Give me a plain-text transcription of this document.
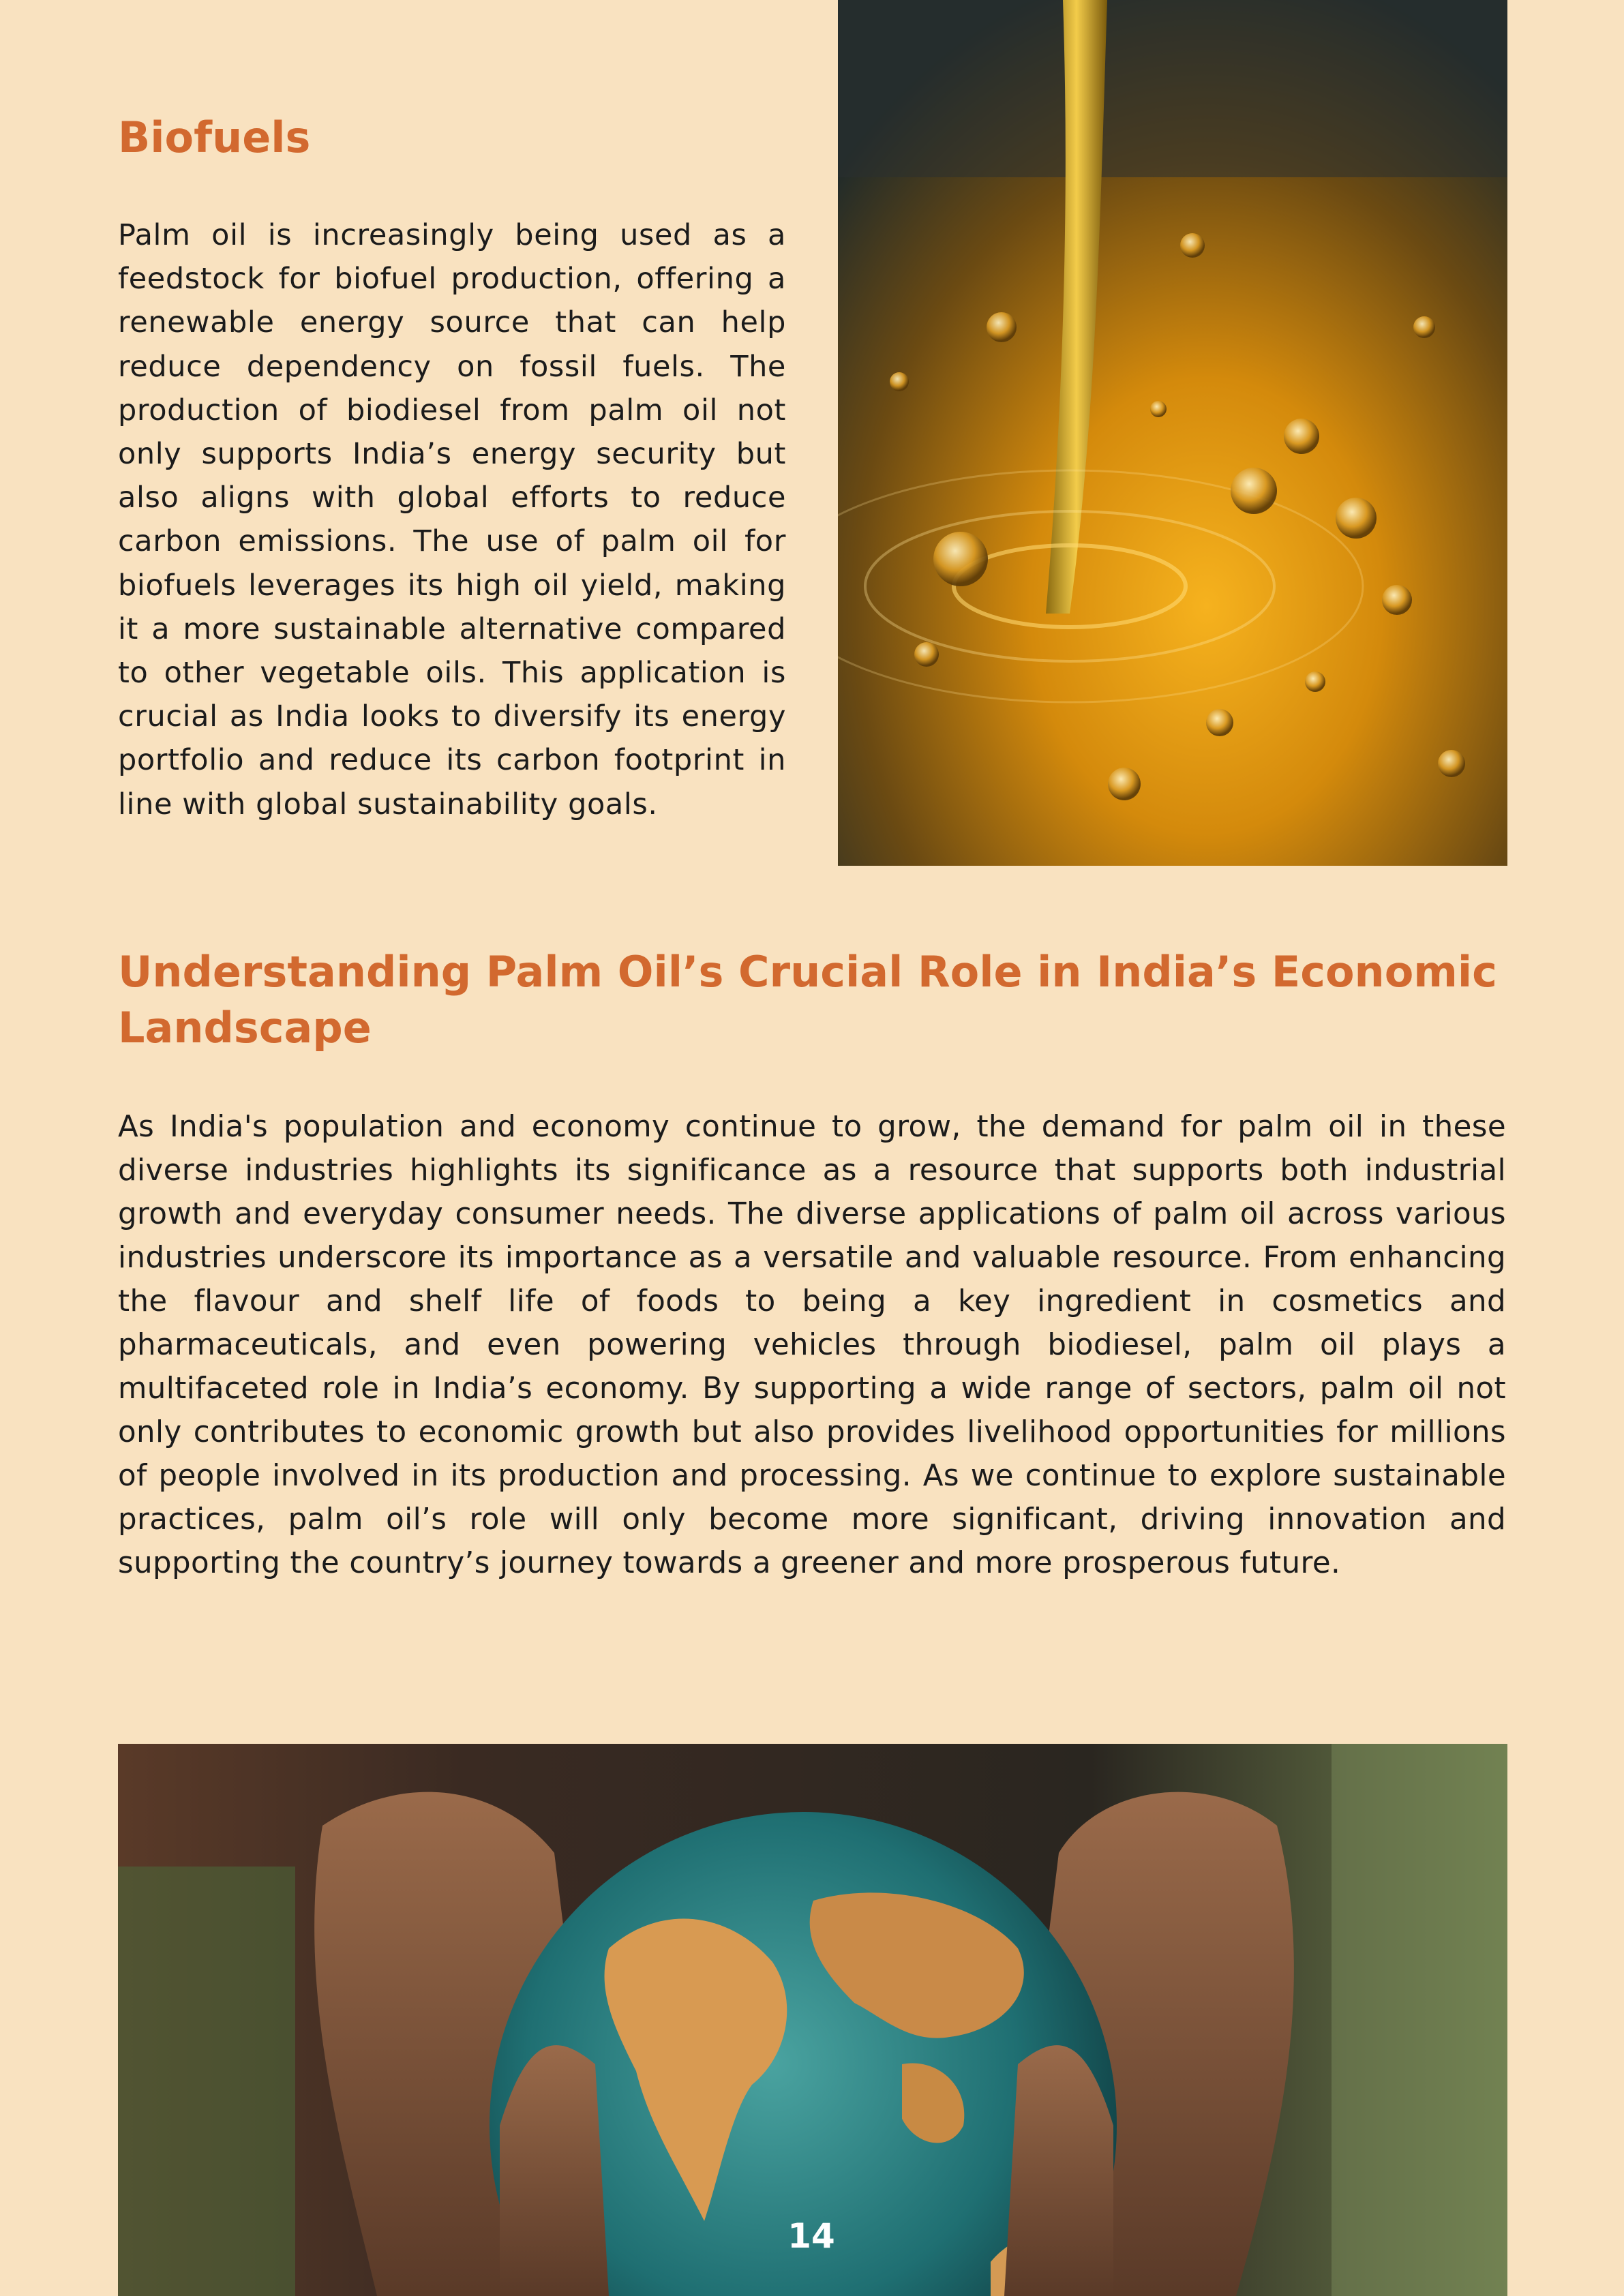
Biofuels

Palm oil is increasingly being used as a feedstock for biofuel production, offering a renewable energy source that can help reduce dependency on fossil fuels. The production of biodiesel from palm oil not only supports India’s energy security but also aligns with global efforts to reduce carbon emissions. The use of palm oil for biofuels leverages its high oil yield, making it a more sustainable alternative compared to other vegetable oils. This application is crucial as India looks to diversify its energy portfolio and reduce its carbon footprint in line with global sustainability goals.

Understanding Palm Oil’s Crucial Role in India’s Economic Landscape

As India's population and economy continue to grow, the demand for palm oil in these diverse industries highlights its significance as a resource that supports both industrial growth and everyday consumer needs. The diverse applications of palm oil across various industries underscore its importance as a versatile and valuable resource. From enhancing the flavour and shelf life of foods to being a key ingredient in cosmetics and pharmaceuticals, and even powering vehicles through biodiesel, palm oil plays a multifaceted role in India’s economy. By supporting a wide range of sectors, palm oil not only contributes to economic growth but also provides livelihood opportunities for millions of people involved in its production and processing. As we continue to explore sustainable practices, palm oil’s role will only become more significant, driving innovation and supporting the country’s journey towards a greener and more prosperous future.

14
